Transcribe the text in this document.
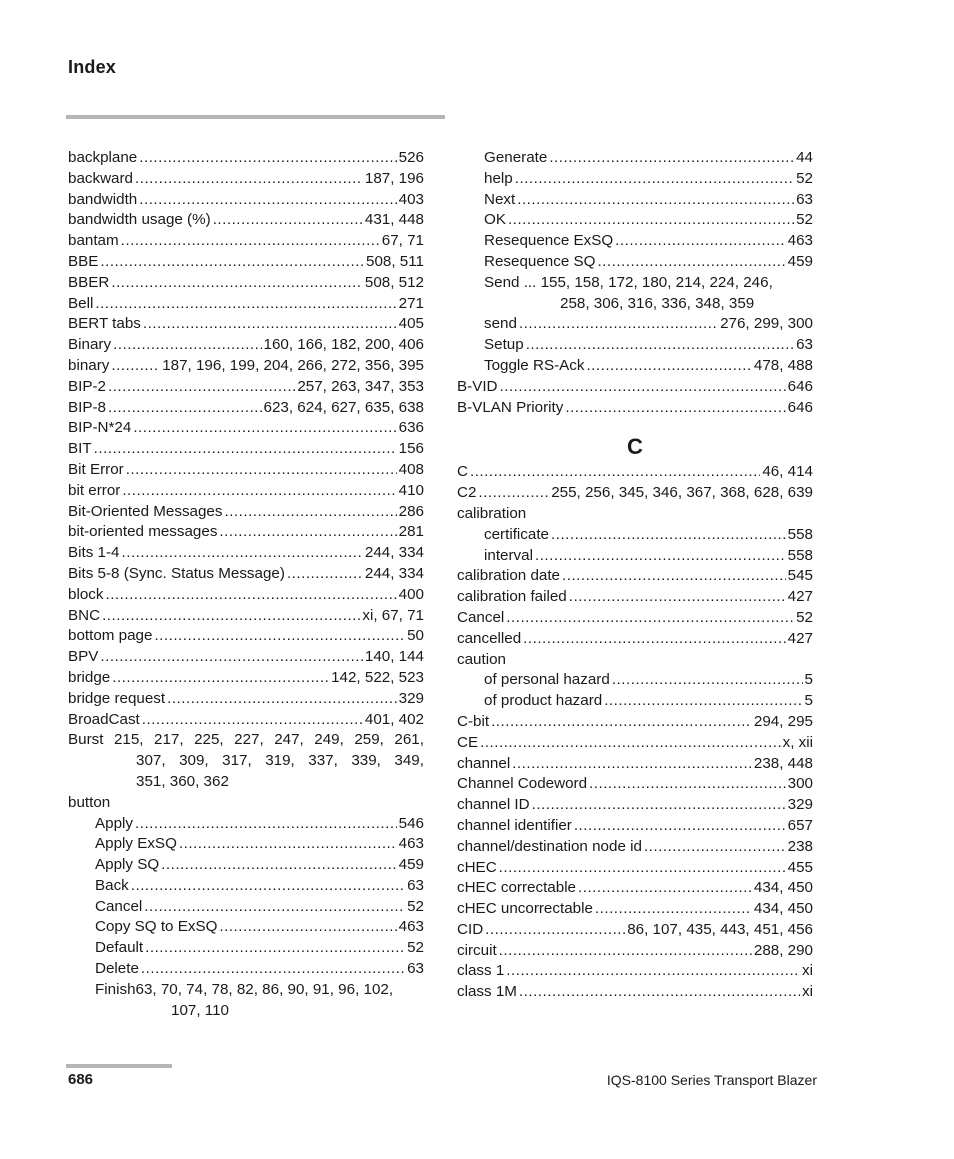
Index
backplane .....	526
backward .....	187, 196
bandwidth .....	403
bandwidth usage (%) .....	431, 448
bantam .....	67, 71
BBE .....	508, 511
BBER .....	508, 512
Bell .....	271
BERT tabs .....	405
Binary .....	160, 166, 182, 200, 406
binary .....	187, 196, 199, 204, 266, 272, 356, 395
BIP-2 .....	257, 263, 347, 353
BIP-8 .....	623, 624, 627, 635, 638
BIP-N*24 .....	636
BIT .....	156
Bit Error .....	408
bit error .....	410
Bit-Oriented Messages .....	286
bit-oriented messages .....	281
Bits 1-4 .....	244, 334
Bits 5-8 (Sync. Status Message) .....	244, 334
block .....	400
BNC .....	xi, 67, 71
bottom page .....	50
BPV .....	140, 144
bridge .....	142, 522, 523
bridge request .....	329
BroadCast .....	401, 402
Burst 215, 217, 225, 227, 247, 249, 259, 261,
307, 309, 317, 319, 337, 339, 349,
351, 360, 362
button
Apply .....	546
Apply ExSQ .....	463
Apply SQ .....	459
Back .....	63
Cancel .....	52
Copy SQ to ExSQ .....	463
Default .....	52
Delete .....	63
Finish63, 70, 74, 78, 82, 86, 90, 91, 96, 102,
107, 110
Generate .....	44
help .....	52
Next .....	63
OK .....	52
Resequence ExSQ .....	463
Resequence SQ .....	459
Send ... 155, 158, 172, 180, 214, 224, 246,
258, 306, 316, 336, 348, 359
send .....	276, 299, 300
Setup .....	63
Toggle RS-Ack .....	478, 488
B-VID .....	646
B-VLAN Priority .....	646
C
C .....	46, 414
C2 .....	255, 256, 345, 346, 367, 368, 628, 639
calibration
certificate .....	558
interval .....	558
calibration date .....	545
calibration failed .....	427
Cancel .....	52
cancelled .....	427
caution
of personal hazard .....	5
of product hazard .....	5
C-bit .....	294, 295
CE .....	x, xii
channel .....	238, 448
Channel Codeword .....	300
channel ID .....	329
channel identifier .....	657
channel/destination node id .....	238
cHEC .....	455
cHEC correctable .....	434, 450
cHEC uncorrectable .....	434, 450
CID .....	86, 107, 435, 443, 451, 456
circuit .....	288, 290
class 1 .....	xi
class 1M .....	xi
686	IQS-8100 Series Transport Blazer
